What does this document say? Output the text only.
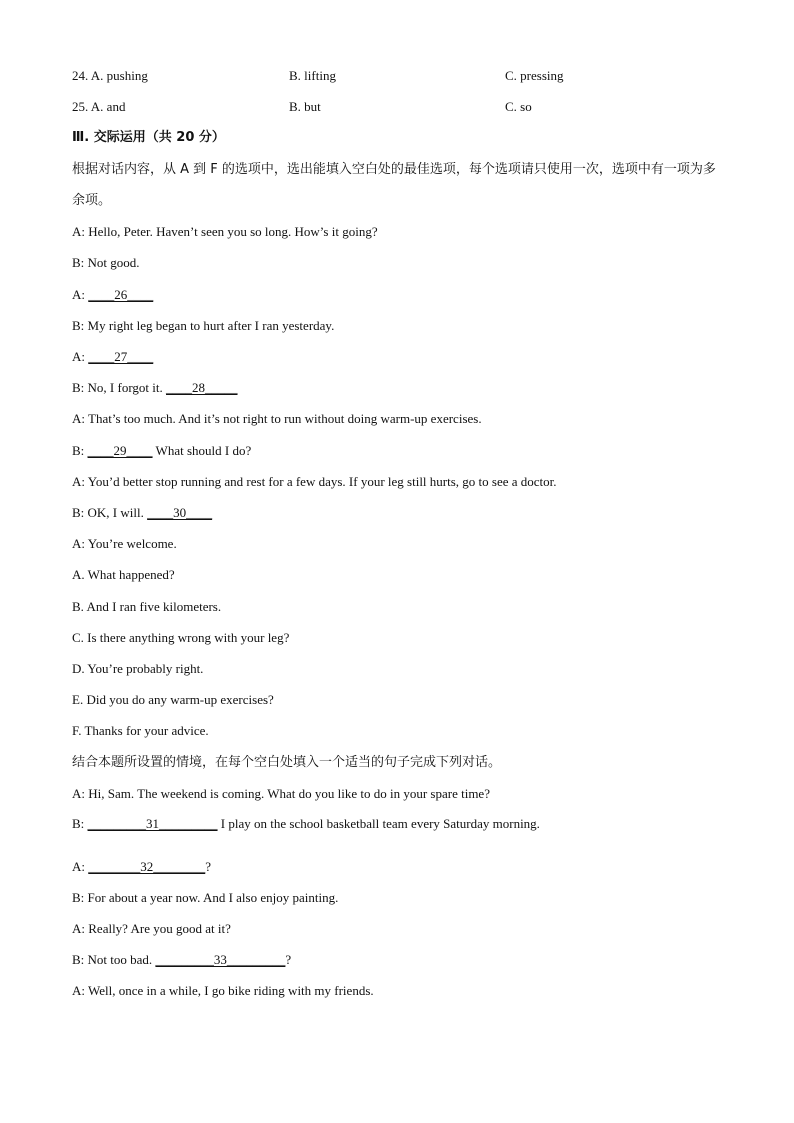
24. A. pushing	B. lifting	C. pressing
25. A. and	B. but	C. so
Ⅲ. 交际运用（共 20 分）
根据对话内容，从 A 到 F 的选项中，选出能填入空白处的最佳选项，每个选项请只使用一次，选项中有一项为多余项。
A: Hello, Peter. Haven’t seen you so long. How’s it going?
B: Not good.
A: ____26____
B: My right leg began to hurt after I ran yesterday.
A: ____27____
B: No, I forgot it. ____28_____
A: That’s too much. And it’s not right to run without doing warm-up exercises.
B: ____29____ What should I do?
A: You’d better stop running and rest for a few days. If your leg still hurts, go to see a doctor.
B: OK, I will. ____30____
A: You’re welcome.
A. What happened?
B. And I ran five kilometers.
C. Is there anything wrong with your leg?
D. You’re probably right.
E. Did you do any warm-up exercises?
F. Thanks for your advice.
结合本题所设置的情境，在每个空白处填入一个适当的句子完成下列对话。
A: Hi, Sam. The weekend is coming. What do you like to do in your spare time?
B: _________31_________ I play on the school basketball team every Saturday morning.
A: ________32________?
B: For about a year now. And I also enjoy painting.
A: Really? Are you good at it?
B: Not too bad. _________33_________?
A: Well, once in a while, I go bike riding with my friends.
